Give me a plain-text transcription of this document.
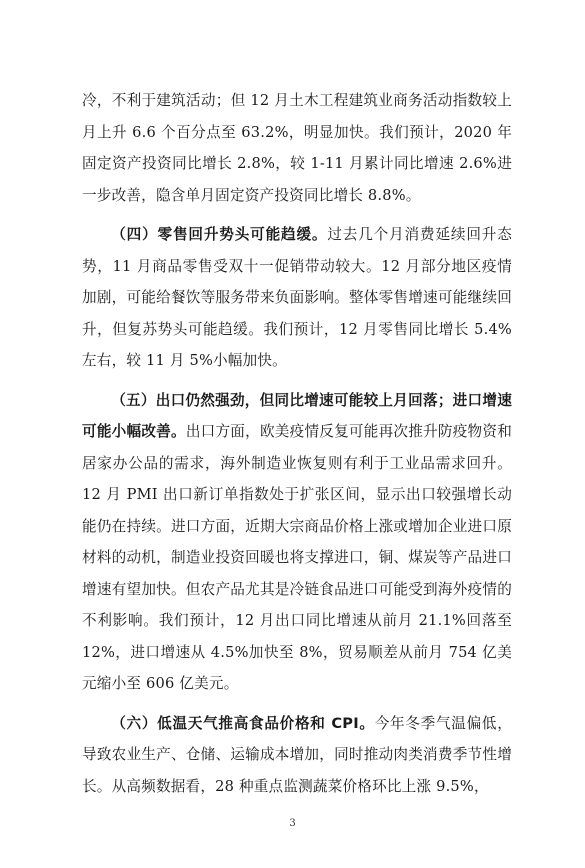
冷，不利于建筑活动；但 12 月土木工程建筑业商务活动指数较上月上升 6.6 个百分点至 63.2%，明显加快。我们预计，2020 年固定资产投资同比增长 2.8%，较 1-11 月累计同比增速 2.6%进一步改善，隐含单月固定资产投资同比增长 8.8%。

（四）零售回升势头可能趋缓。过去几个月消费延续回升态势，11 月商品零售受双十一促销带动较大。12 月部分地区疫情加剧，可能给餐饮等服务带来负面影响。整体零售增速可能继续回升，但复苏势头可能趋缓。我们预计，12 月零售同比增长 5.4%左右，较 11 月 5%小幅加快。

（五）出口仍然强劲，但同比增速可能较上月回落；进口增速可能小幅改善。出口方面，欧美疫情反复可能再次推升防疫物资和居家办公品的需求，海外制造业恢复则有利于工业品需求回升。12 月 PMI 出口新订单指数处于扩张区间，显示出口较强增长动能仍在持续。进口方面，近期大宗商品价格上涨或增加企业进口原材料的动机，制造业投资回暖也将支撑进口，铜、煤炭等产品进口增速有望加快。但农产品尤其是冷链食品进口可能受到海外疫情的不利影响。我们预计，12 月出口同比增速从前月 21.1%回落至 12%，进口增速从 4.5%加快至 8%，贸易顺差从前月 754 亿美元缩小至 606 亿美元。

（六）低温天气推高食品价格和 CPI。今年冬季气温偏低，导致农业生产、仓储、运输成本增加，同时推动肉类消费季节性增长。从高频数据看，28 种重点监测蔬菜价格环比上涨 9.5%，

3
